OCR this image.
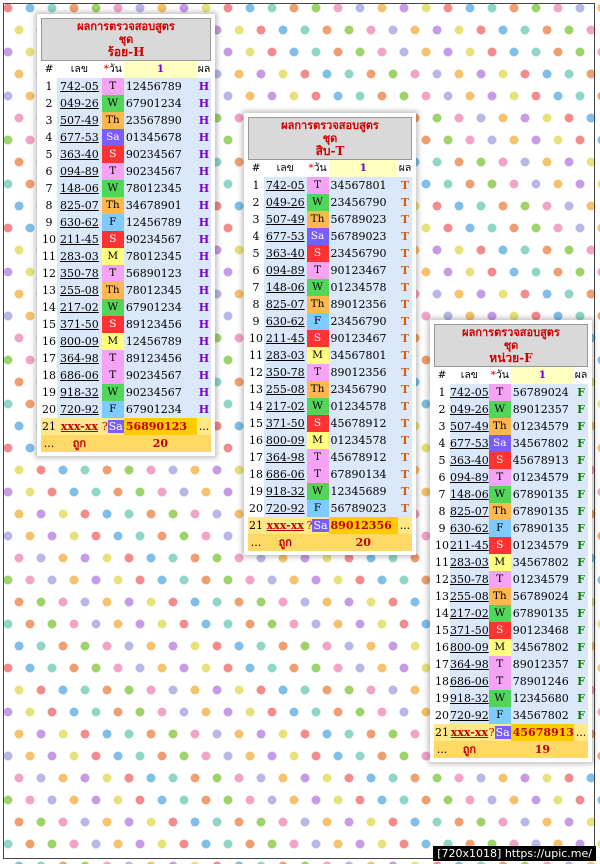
ผลการตรวจสอบสูตร
ชุด
ร้อย-H
#	เลข	*วัน	1	ผล
1	742-05	T	12456789	H
2	049-26	W	67901234	H
3	507-49	Th	23567890	H
4	677-53	Sa	01345678	H
5	363-40	S	90234567	H
6	094-89	T	90234567	H
7	148-06	W	78012345	H
8	825-07	Th	34678901	H
9	630-62	F	12456789	H
10	211-45	S	90234567	H
11	283-03	M	78012345	H
12	350-78	T	56890123	H
13	255-08	Th	78012345	H
14	217-02	W	67901234	H
15	371-50	S	89123456	H
16	800-09	M	12456789	H
17	364-98	T	89123456	H
18	686-06	T	90234567	H
19	918-32	W	90234567	H
20	720-92	F	67901234	H
21	xxx-xx	?Sa	56890123	...
...	ถูก		20	
ผลการตรวจสอบสูตร
ชุด
สิบ-T
#	เลข	*วัน	1	ผล
1	742-05	T	34567801	T
2	049-26	W	23456790	T
3	507-49	Th	56789023	T
4	677-53	Sa	56789023	T
5	363-40	S	23456790	T
6	094-89	T	90123467	T
7	148-06	W	01234578	T
8	825-07	Th	89012356	T
9	630-62	F	23456790	T
10	211-45	S	90123467	T
11	283-03	M	34567801	T
12	350-78	T	89012356	T
13	255-08	Th	23456790	T
14	217-02	W	01234578	T
15	371-50	S	45678912	T
16	800-09	M	01234578	T
17	364-98	T	45678912	T
18	686-06	T	67890134	T
19	918-32	W	12345689	T
20	720-92	F	56789023	T
21	xxx-xx	?Sa	89012356	...
...	ถูก		20	
ผลการตรวจสอบสูตร
ชุด
หน่วย-F
#	เลข	*วัน	1	ผล
1	742-05	T	56789024	F
2	049-26	W	89012357	F
3	507-49	Th	01234579	F
4	677-53	Sa	34567802	F
5	363-40	S	45678913	F
6	094-89	T	01234579	F
7	148-06	W	67890135	F
8	825-07	Th	67890135	F
9	630-62	F	67890135	F
10	211-45	S	01234579	F
11	283-03	M	34567802	F
12	350-78	T	01234579	F
13	255-08	Th	56789024	F
14	217-02	W	67890135	F
15	371-50	S	90123468	F
16	800-09	M	34567802	F
17	364-98	T	89012357	F
18	686-06	T	78901246	F
19	918-32	W	12345680	F
20	720-92	F	34567802	F
21	xxx-xx	?Sa	45678913	...
...	ถูก		19	
[720x1018] https://upic.me/
